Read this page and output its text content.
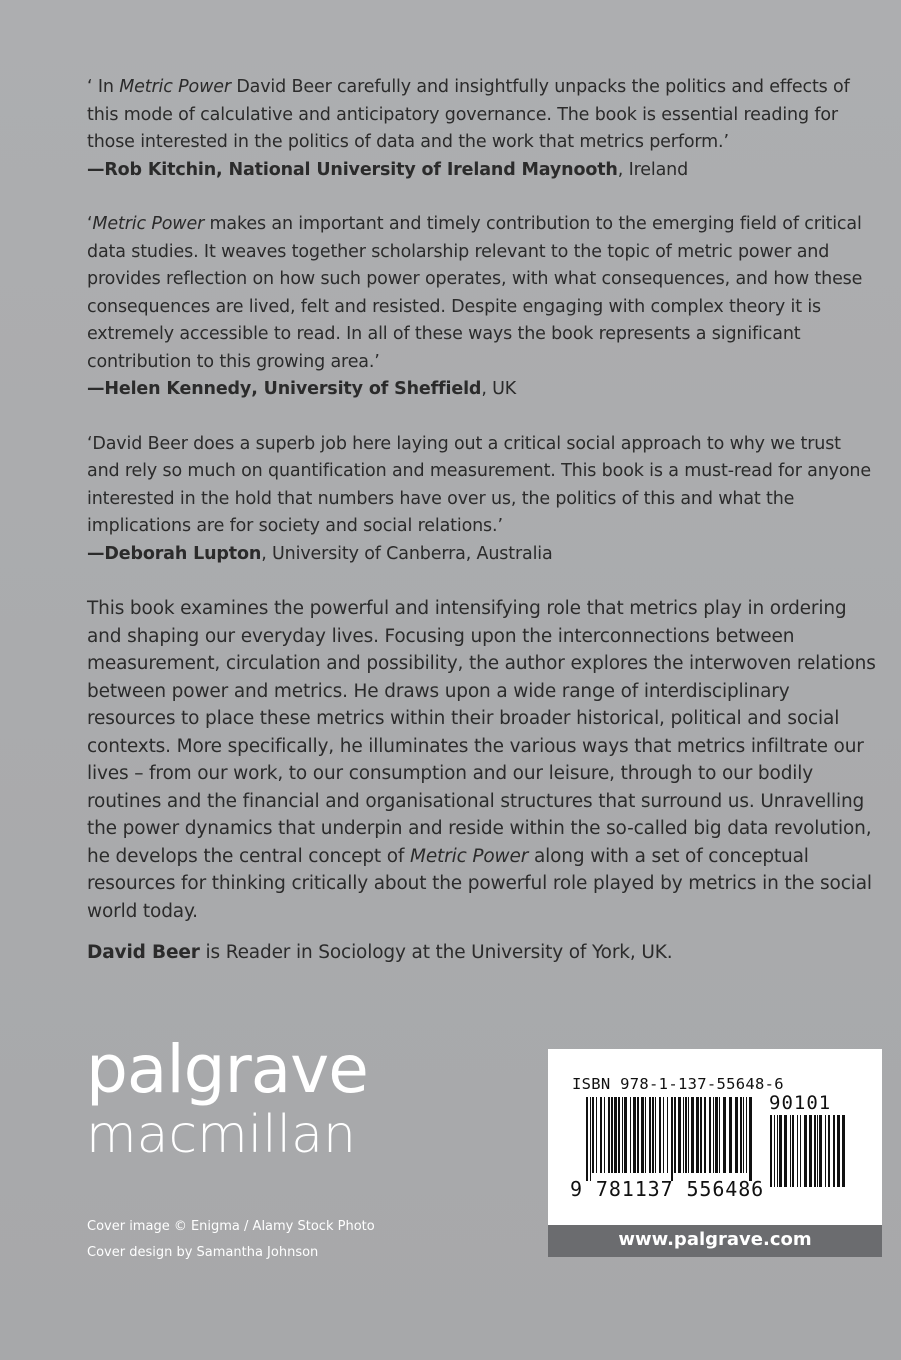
‘ In Metric Power David Beer carefully and insightfully unpacks the politics and effects of this mode of calculative and anticipatory governance. The book is essential reading for those interested in the politics of data and the work that metrics perform.’

—Rob Kitchin, National University of Ireland Maynooth, Ireland

‘Metric Power makes an important and timely contribution to the emerging field of critical data studies. It weaves together scholarship relevant to the topic of metric power and provides reflection on how such power operates, with what consequences, and how these consequences are lived, felt and resisted. Despite engaging with complex theory it is extremely accessible to read. In all of these ways the book represents a significant contribution to this growing area.’

—Helen Kennedy, University of Sheffield, UK

‘David Beer does a superb job here laying out a critical social approach to why we trust and rely so much on quantification and measurement. This book is a must-read for anyone interested in the hold that numbers have over us, the politics of this and what the implications are for society and social relations.’

—Deborah Lupton, University of Canberra, Australia

This book examines the powerful and intensifying role that metrics play in ordering and shaping our everyday lives. Focusing upon the interconnections between measurement, circulation and possibility, the author explores the interwoven relations between power and metrics. He draws upon a wide range of interdisciplinary resources to place these metrics within their broader historical, political and social contexts. More specifically, he illuminates the various ways that metrics infiltrate our lives – from our work, to our consumption and our leisure, through to our bodily routines and the financial and organisational structures that surround us. Unravelling the power dynamics that underpin and reside within the so-called big data revolution, he develops the central concept of Metric Power along with a set of conceptual resources for thinking critically about the powerful role played by metrics in the social world today.

David Beer is Reader in Sociology at the University of York, UK.

palgrave
macmillan
Cover image © Enigma / Alamy Stock Photo
Cover design by Samantha Johnson
ISBN 978-1-137-55648-6
90101
9 781137 556486
www.palgrave.com
